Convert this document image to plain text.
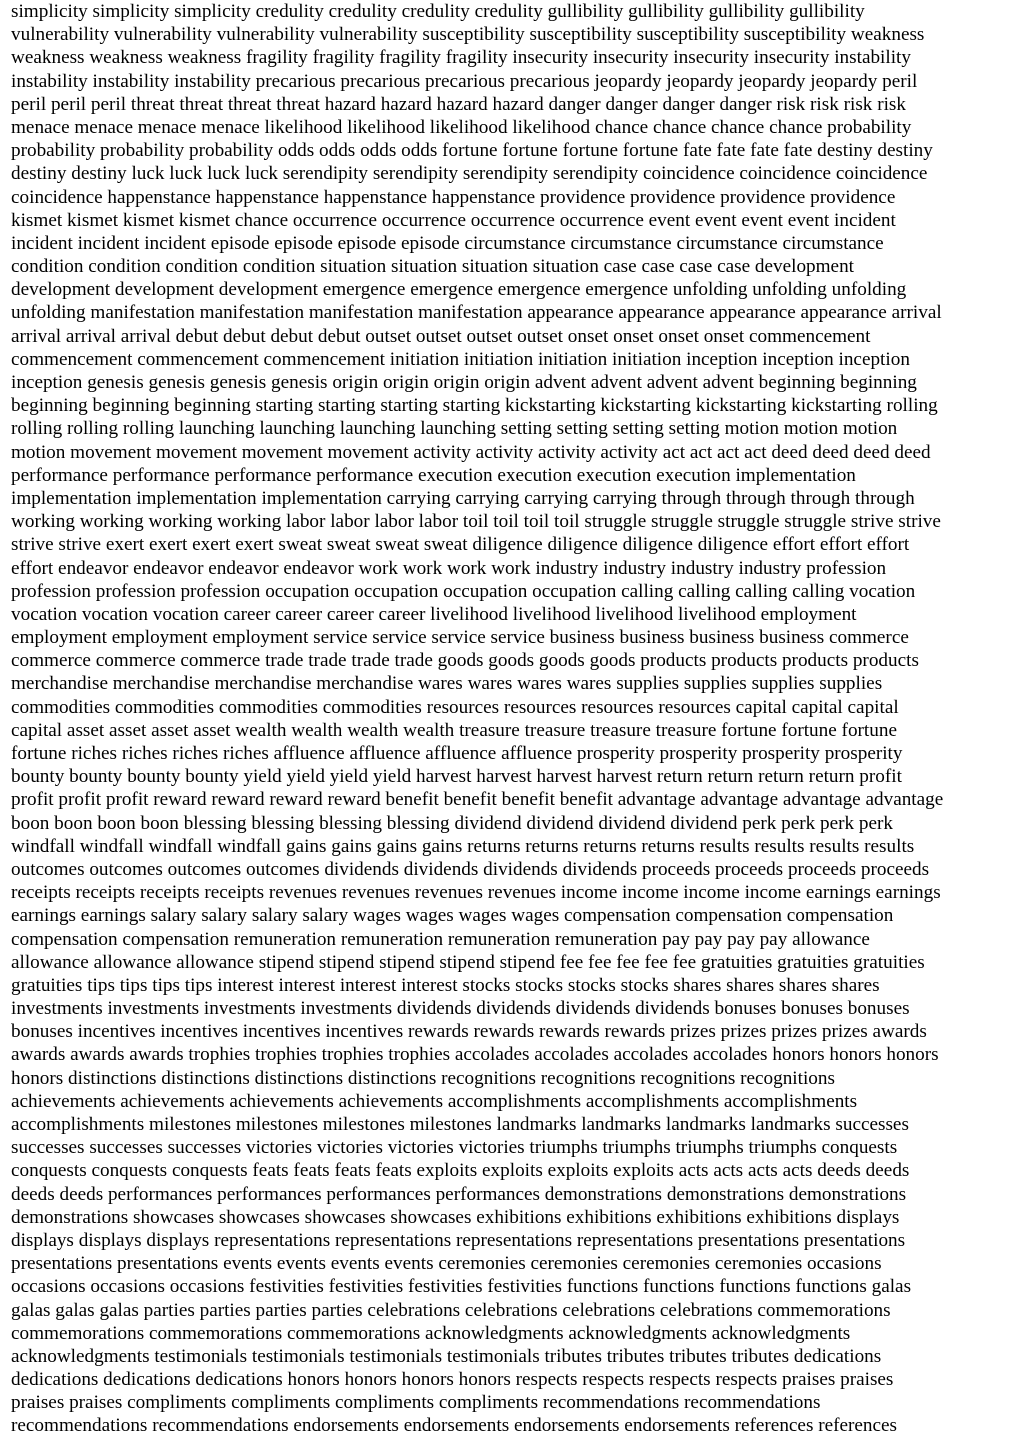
simplicity simplicity simplicity credulity credulity credulity credulity gullibility gullibility gullibility gullibility
vulnerability vulnerability vulnerability vulnerability susceptibility susceptibility susceptibility susceptibility weakness
weakness weakness weakness fragility fragility fragility fragility insecurity insecurity insecurity insecurity instability
instability instability instability precarious precarious precarious precarious jeopardy jeopardy jeopardy jeopardy peril
peril peril peril threat threat threat threat hazard hazard hazard hazard danger danger danger danger risk risk risk risk
menace menace menace menace likelihood likelihood likelihood likelihood chance chance chance chance probability
probability probability probability odds odds odds odds fortune fortune fortune fortune fate fate fate fate destiny destiny
destiny destiny luck luck luck luck serendipity serendipity serendipity serendipity coincidence coincidence coincidence
coincidence happenstance happenstance happenstance happenstance providence providence providence providence
kismet kismet kismet kismet chance occurrence occurrence occurrence occurrence event event event event incident
incident incident incident episode episode episode episode circumstance circumstance circumstance circumstance
condition condition condition condition situation situation situation situation case case case case development
development development development emergence emergence emergence emergence unfolding unfolding unfolding
unfolding manifestation manifestation manifestation manifestation appearance appearance appearance appearance arrival
arrival arrival arrival debut debut debut debut outset outset outset outset onset onset onset onset commencement
commencement commencement commencement initiation initiation initiation initiation inception inception inception
inception genesis genesis genesis genesis origin origin origin origin advent advent advent advent beginning beginning
beginning beginning beginning starting starting starting starting kickstarting kickstarting kickstarting kickstarting rolling
rolling rolling rolling launching launching launching launching setting setting setting setting motion motion motion
motion movement movement movement movement activity activity activity activity act act act act deed deed deed deed
performance performance performance performance execution execution execution execution implementation
implementation implementation implementation carrying carrying carrying carrying through through through through
working working working working labor labor labor labor toil toil toil toil struggle struggle struggle struggle strive strive
strive strive exert exert exert exert sweat sweat sweat sweat diligence diligence diligence diligence effort effort effort
effort endeavor endeavor endeavor endeavor work work work work industry industry industry industry profession
profession profession profession occupation occupation occupation occupation calling calling calling calling vocation
vocation vocation vocation career career career career livelihood livelihood livelihood livelihood employment
employment employment employment service service service service business business business business commerce
commerce commerce commerce trade trade trade trade goods goods goods goods products products products products
merchandise merchandise merchandise merchandise wares wares wares wares supplies supplies supplies supplies
commodities commodities commodities commodities resources resources resources resources capital capital capital
capital asset asset asset asset wealth wealth wealth wealth treasure treasure treasure treasure fortune fortune fortune
fortune riches riches riches riches affluence affluence affluence affluence prosperity prosperity prosperity prosperity
bounty bounty bounty bounty yield yield yield yield harvest harvest harvest harvest return return return return profit
profit profit profit reward reward reward reward benefit benefit benefit benefit advantage advantage advantage advantage
boon boon boon boon blessing blessing blessing blessing dividend dividend dividend dividend perk perk perk perk
windfall windfall windfall windfall gains gains gains gains returns returns returns returns results results results results
outcomes outcomes outcomes outcomes dividends dividends dividends dividends proceeds proceeds proceeds proceeds
receipts receipts receipts receipts revenues revenues revenues revenues income income income income earnings earnings
earnings earnings salary salary salary salary wages wages wages wages compensation compensation compensation
compensation compensation remuneration remuneration remuneration remuneration pay pay pay pay allowance
allowance allowance allowance stipend stipend stipend stipend stipend fee fee fee fee fee gratuities gratuities gratuities
gratuities tips tips tips tips interest interest interest interest stocks stocks stocks stocks shares shares shares shares
investments investments investments investments dividends dividends dividends dividends bonuses bonuses bonuses
bonuses incentives incentives incentives incentives rewards rewards rewards rewards prizes prizes prizes prizes awards
awards awards awards trophies trophies trophies trophies accolades accolades accolades accolades honors honors honors
honors distinctions distinctions distinctions distinctions recognitions recognitions recognitions recognitions
achievements achievements achievements achievements accomplishments accomplishments accomplishments
accomplishments milestones milestones milestones milestones landmarks landmarks landmarks landmarks successes
successes successes successes victories victories victories victories triumphs triumphs triumphs triumphs conquests
conquests conquests conquests feats feats feats feats exploits exploits exploits exploits acts acts acts acts deeds deeds
deeds deeds performances performances performances performances demonstrations demonstrations demonstrations
demonstrations showcases showcases showcases showcases exhibitions exhibitions exhibitions exhibitions displays
displays displays displays representations representations representations representations presentations presentations
presentations presentations events events events events ceremonies ceremonies ceremonies ceremonies occasions
occasions occasions occasions festivities festivities festivities festivities functions functions functions functions galas
galas galas galas parties parties parties parties celebrations celebrations celebrations celebrations commemorations
commemorations commemorations commemorations acknowledgments acknowledgments acknowledgments
acknowledgments testimonials testimonials testimonials testimonials tributes tributes tributes tributes dedications
dedications dedications dedications honors honors honors honors respects respects respects respects praises praises
praises praises compliments compliments compliments compliments recommendations recommendations
recommendations recommendations endorsements endorsements endorsements endorsements references references
